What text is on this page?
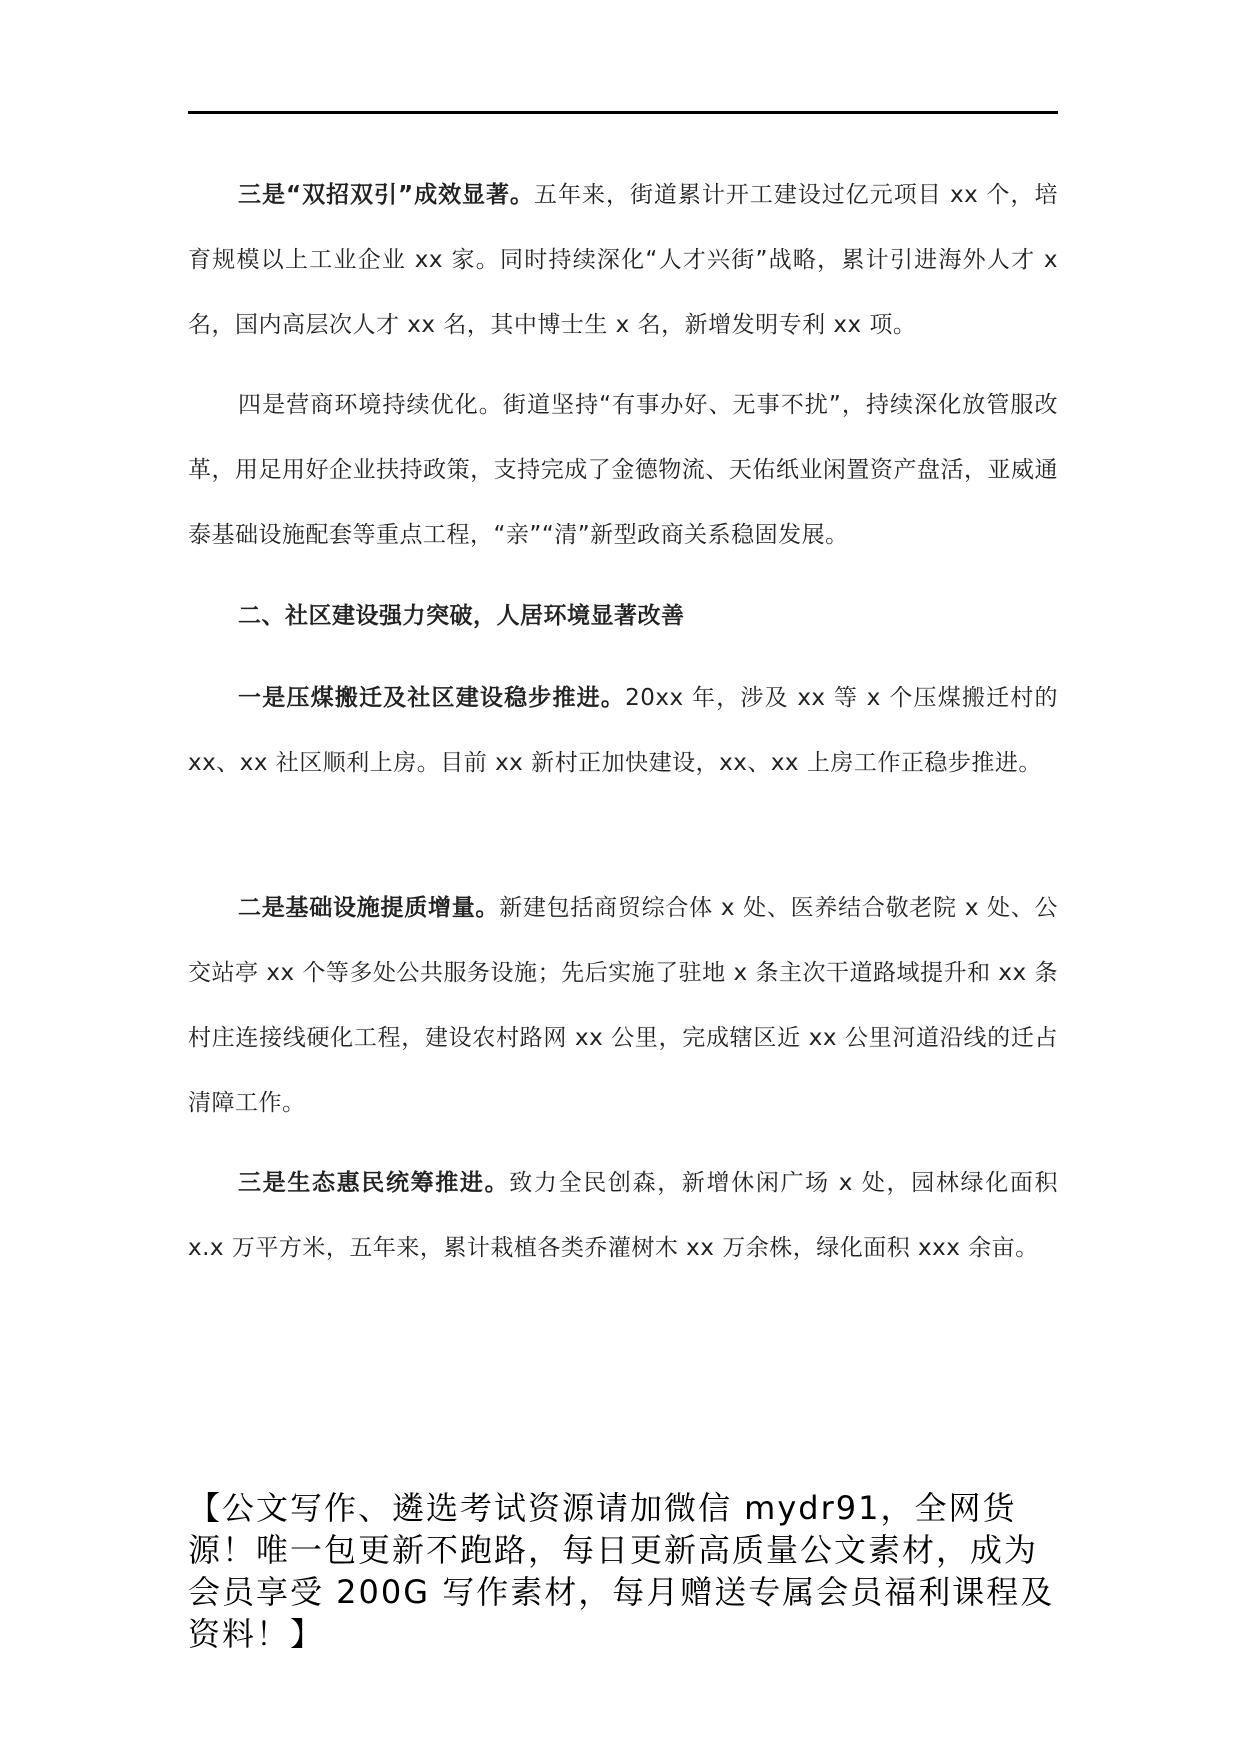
三是“双招双引”成效显著。五年来，街道累计开工建设过亿元项目 xx 个，培育规模以上工业企业 xx 家。同时持续深化“人才兴街”战略，累计引进海外人才 x 名，国内高层次人才 xx 名，其中博士生 x 名，新增发明专利 xx 项。

四是营商环境持续优化。街道坚持“有事办好、无事不扰”，持续深化放管服改革，用足用好企业扶持政策，支持完成了金德物流、天佑纸业闲置资产盘活，亚威通泰基础设施配套等重点工程，“亲”“清”新型政商关系稳固发展。

二、社区建设强力突破，人居环境显著改善

一是压煤搬迁及社区建设稳步推进。20xx 年，涉及 xx 等 x 个压煤搬迁村的 xx、xx 社区顺利上房。目前 xx 新村正加快建设，xx、xx 上房工作正稳步推进。

二是基础设施提质增量。新建包括商贸综合体 x 处、医养结合敬老院 x 处、公交站亭 xx 个等多处公共服务设施；先后实施了驻地 x 条主次干道路域提升和 xx 条村庄连接线硬化工程，建设农村路网 xx 公里，完成辖区近 xx 公里河道沿线的迁占清障工作。

三是生态惠民统筹推进。致力全民创森，新增休闲广场 x 处，园林绿化面积 x.x 万平方米，五年来，累计栽植各类乔灌树木 xx 万余株，绿化面积 xxx 余亩。

【公文写作、遴选考试资源请加微信 mydr91，全网货源！唯一包更新不跑路，每日更新高质量公文素材，成为会员享受 200G 写作素材，每月赠送专属会员福利课程及资料！】
